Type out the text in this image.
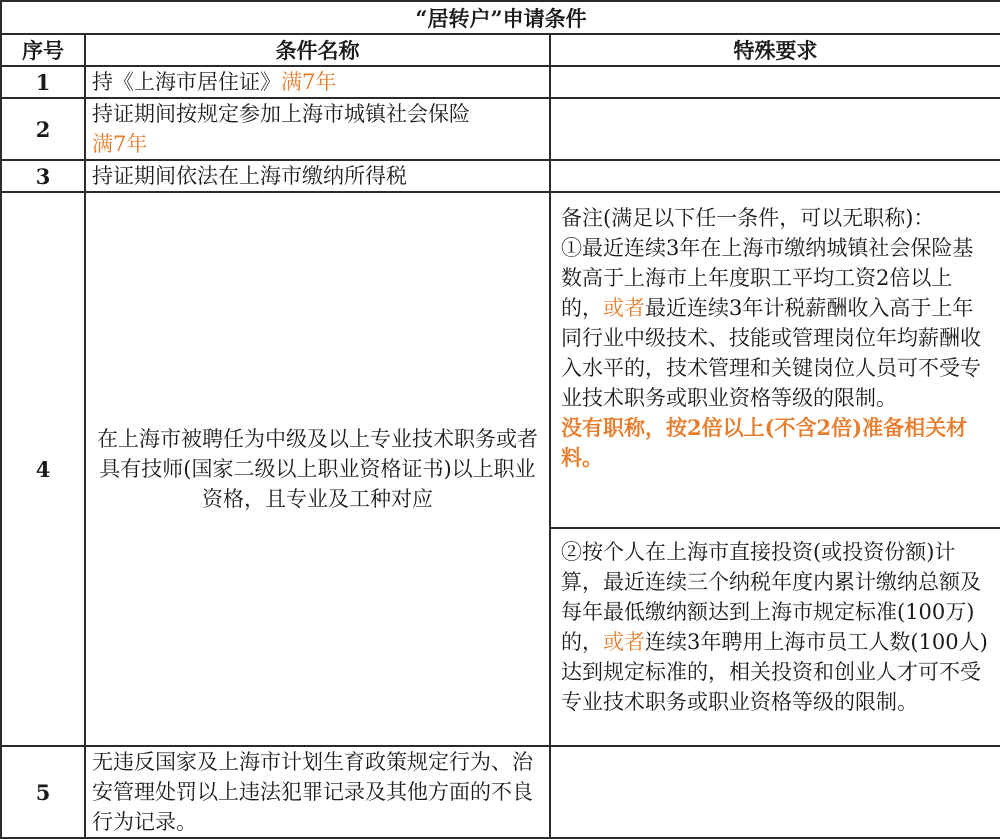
“居转户”申请条件		
序号	条件名称	特殊要求
1	持《上海市居住证》满7年	
2	持证期间按规定参加上海市城镇社会保险
满7年	
3	持证期间依法在上海市缴纳所得税	
4	在上海市被聘任为中级及以上专业技术职务或者具有技师(国家二级以上职业资格证书)以上职业资格，且专业及工种对应	备注(满足以下任一条件，可以无职称)：
①最近连续3年在上海市缴纳城镇社会保险基数高于上海市上年度职工平均工资2倍以上的，或者最近连续3年计税薪酬收入高于上年同行业中级技术、技能或管理岗位年均薪酬收入水平的，技术管理和关键岗位人员可不受专业技术职务或职业资格等级的限制。
没有职称，按2倍以上(不含2倍)准备相关材料。

		②按个人在上海市直接投资(或投资份额)计算，最近连续三个纳税年度内累计缴纳总额及每年最低缴纳额达到上海市规定标准(100万)的，或者连续3年聘用上海市员工人数(100人)达到规定标准的，相关投资和创业人才可不受专业技术职务或职业资格等级的限制。

5	无违反国家及上海市计划生育政策规定行为、治安管理处罚以上违法犯罪记录及其他方面的不良行为记录。	
